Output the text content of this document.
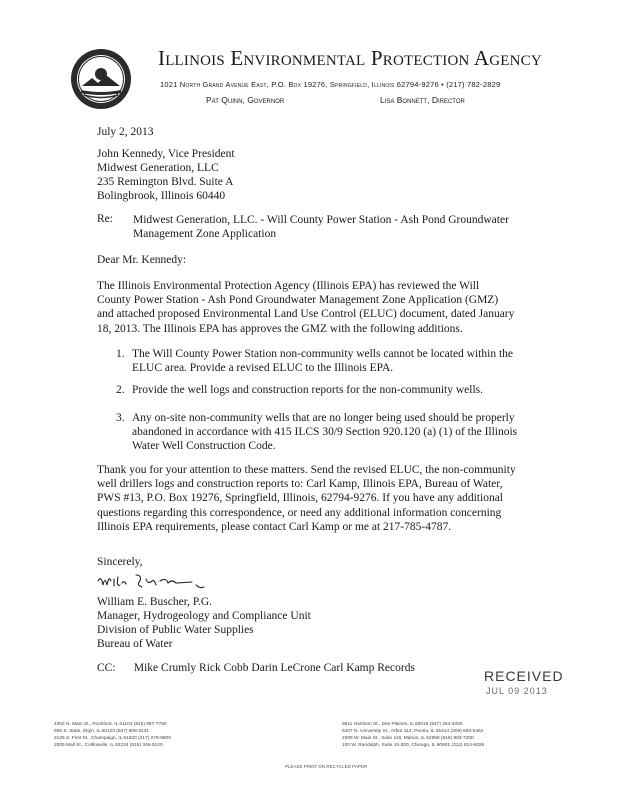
Illinois Environmental Protection Agency
1021 North Grand Avenue East, P.O. Box 19276, Springfield, Illinois 62794-9276 • (217) 782-2829
Pat Quinn, Governor	Lisa Bonnett, Director
July 2, 2013
John Kennedy, Vice President
Midwest Generation, LLC
235 Remington Blvd. Suite A
Bolingbrook, Illinois 60440
Re: Midwest Generation, LLC. - Will County Power Station - Ash Pond Groundwater Management Zone Application
Dear Mr. Kennedy:
The Illinois Environmental Protection Agency (Illinois EPA) has reviewed the Will County Power Station - Ash Pond Groundwater Management Zone Application (GMZ) and attached proposed Environmental Land Use Control (ELUC) document, dated January 18, 2013. The Illinois EPA has approves the GMZ with the following additions.
1. The Will County Power Station non-community wells cannot be located within the ELUC area. Provide a revised ELUC to the Illinois EPA.
2. Provide the well logs and construction reports for the non-community wells.
3. Any on-site non-community wells that are no longer being used should be properly abandoned in accordance with 415 ILCS 30/9 Section 920.120 (a) (1) of the Illinois Water Well Construction Code.
Thank you for your attention to these matters. Send the revised ELUC, the non-community well drillers logs and construction reports to: Carl Kamp, Illinois EPA, Bureau of Water, PWS #13, P.O. Box 19276, Springfield, Illinois, 62794-9276. If you have any additional questions regarding this correspondence, or need any additional information concerning Illinois EPA requirements, please contact Carl Kamp or me at 217-785-4787.
Sincerely,
William E. Buscher, P.G.
Manager, Hydrogeology and Compliance Unit
Division of Public Water Supplies
Bureau of Water
CC: Mike Crumly Rick Cobb Darin LeCrone Carl Kamp Records	RECEIVED
JUL 09 2013
4302 N. Main St., Rockford, IL 61103 (815) 987-7760
595 S. State, Elgin, IL 60123 (847) 608-3131
2125 S. First St., Champaign, IL 61820 (217) 278-5800
2009 Mall St., Collinsville, IL 62234 (618) 346-5120
9511 Harrison St., Des Plaines, IL 60016 (847) 294-4000
5407 N. University St., Arbor 113, Peoria, IL 61614 (309) 693-5462
2309 W. Main St., Suite 116, Marion, IL 62959 (618) 993-7200
100 W. Randolph, Suite 10-300, Chicago, IL 60601 (312) 814-6026
PLEASE PRINT ON RECYCLED PAPER
